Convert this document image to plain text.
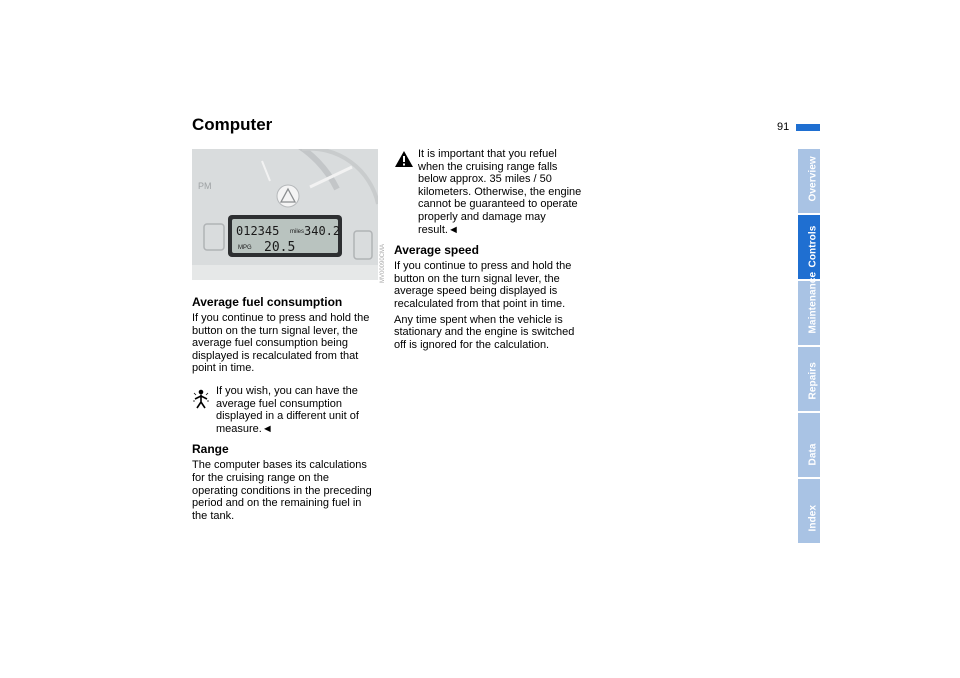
Computer	91
Overview
Controls
Maintenance
Repairs
Data
Index
PM
012345 miles 340.2
MPG 20.5	MV00090CMA
Average fuel consumption

If you continue to press and hold the button on the turn signal lever, the average fuel consumption being displayed is recalculated from that point in time.

If you wish, you can have the average fuel consumption displayed in a different unit of measure.◄

Range

The computer bases its calculations for the cruising range on the operating conditions in the preceding period and on the remaining fuel in the tank.

It is important that you refuel when the cruising range falls below approx. 35 miles / 50 kilometers. Otherwise, the engine cannot be guaranteed to operate properly and damage may result.◄

Average speed

If you continue to press and hold the button on the turn signal lever, the average speed being displayed is recalculated from that point in time.

Any time spent when the vehicle is stationary and the engine is switched off is ignored for the calculation.
